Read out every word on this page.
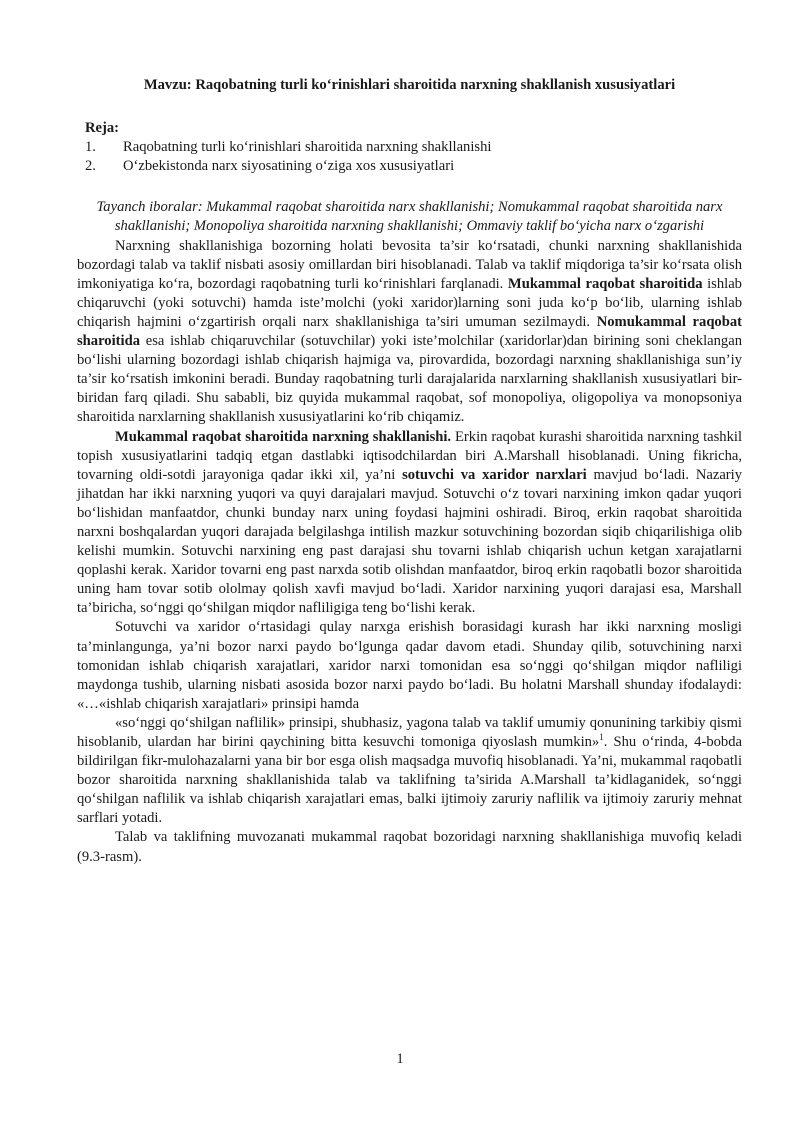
Mavzu: Raqobatning turli ko‘rinishlari sharoitida narxning shakllanish xususiyatlari
Reja:
1.	Raqobatning turli ko‘rinishlari sharoitida narxning shakllanishi
2.	O‘zbekistonda narx siyosatining o‘ziga xos xususiyatlari
Tayanch iboralar: Mukammal raqobat sharoitida narx shakllanishi; Nomukammal raqobat sharoitida narx shakllanishi; Monopoliya sharoitida narxning shakllanishi; Ommaviy taklif bo‘yicha narx o‘zgarishi

Narxning shakllanishiga bozorning holati bevosita ta’sir ko‘rsatadi, chunki narxning shakllanishida bozordagi talab va taklif nisbati asosiy omillardan biri hisoblanadi. Talab va taklif miqdoriga ta’sir ko‘rsata olish imkoniyatiga ko‘ra, bozordagi raqobatning turli ko‘rinishlari farqlanadi. Mukammal raqobat sharoitida ishlab chiqaruvchi (yoki sotuvchi) hamda iste’molchi (yoki xaridor)larning soni juda ko‘p bo‘lib, ularning ishlab chiqarish hajmini o‘zgartirish orqali narx shakllanishiga ta’siri umuman sezilmaydi. Nomukammal raqobat sharoitida esa ishlab chiqaruvchilar (sotuvchilar) yoki iste’molchilar (xaridorlar)dan birining soni cheklangan bo‘lishi ularning bozordagi ishlab chiqarish hajmiga va, pirovardida, bozordagi narxning shakllanishiga sun’iy ta’sir ko‘rsatish imkonini beradi. Bunday raqobatning turli darajalarida narxlarning shakllanish xususiyatlari bir-biridan farq qiladi. Shu sababli, biz quyida mukammal raqobat, sof monopoliya, oligopoliya va monopsoniya sharoitida narxlarning shakllanish xususiyatlarini ko‘rib chiqamiz.

Mukammal raqobat sharoitida narxning shakllanishi. Erkin raqobat kurashi sharoitida narxning tashkil topish xususiyatlarini tadqiq etgan dastlabki iqtisodchilardan biri A.Marshall hisoblanadi. Uning fikricha, tovarning oldi-sotdi jarayoniga qadar ikki xil, ya’ni sotuvchi va xaridor narxlari mavjud bo‘ladi. Nazariy jihatdan har ikki narxning yuqori va quyi darajalari mavjud. Sotuvchi o‘z tovari narxining imkon qadar yuqori bo‘lishidan manfaatdor, chunki bunday narx uning foydasi hajmini oshiradi. Biroq, erkin raqobat sharoitida narxni boshqalardan yuqori darajada belgilashga intilish mazkur sotuvchining bozordan siqib chiqarilishiga olib kelishi mumkin. Sotuvchi narxining eng past darajasi shu tovarni ishlab chiqarish uchun ketgan xarajatlarni qoplashi kerak. Xaridor tovarni eng past narxda sotib olishdan manfaatdor, biroq erkin raqobatli bozor sharoitida uning ham tovar sotib ololmay qolish xavfi mavjud bo‘ladi. Xaridor narxining yuqori darajasi esa, Marshall ta’biricha, so‘nggi qo‘shilgan miqdor nafliligiga teng bo‘lishi kerak.

Sotuvchi va xaridor o‘rtasidagi qulay narxga erishish borasidagi kurash har ikki narxning mosligi ta’minlangunga, ya’ni bozor narxi paydo bo‘lgunga qadar davom etadi. Shunday qilib, sotuvchining narxi tomonidan ishlab chiqarish xarajatlari, xaridor narxi tomonidan esa so‘nggi qo‘shilgan miqdor nafliligi maydonga tushib, ularning nisbati asosida bozor narxi paydo bo‘ladi. Bu holatni Marshall shunday ifodalaydi: «…«ishlab chiqarish xarajatlari» prinsipi hamda

«so‘nggi qo‘shilgan naflilik» prinsipi, shubhasiz, yagona talab va taklif umumiy qonunining tarkibiy qismi hisoblanib, ulardan har birini qaychining bitta kesuvchi tomoniga qiyoslash mumkin»$^1$. Shu o‘rinda, 4-bobda bildirilgan fikr-mulohazalarni yana bir bor esga olish maqsadga muvofiq hisoblanadi. Ya’ni, mukammal raqobatli bozor sharoitida narxning shakllanishida talab va taklifning ta’sirida A.Marshall ta’kidlaganidek, so‘nggi qo‘shilgan naflilik va ishlab chiqarish xarajatlari emas, balki ijtimoiy zaruriy naflilik va ijtimoiy zaruriy mehnat sarflari yotadi.

Talab va taklifning muvozanati mukammal raqobat bozoridagi narxning shakllanishiga muvofiq keladi (9.3-rasm).

1
